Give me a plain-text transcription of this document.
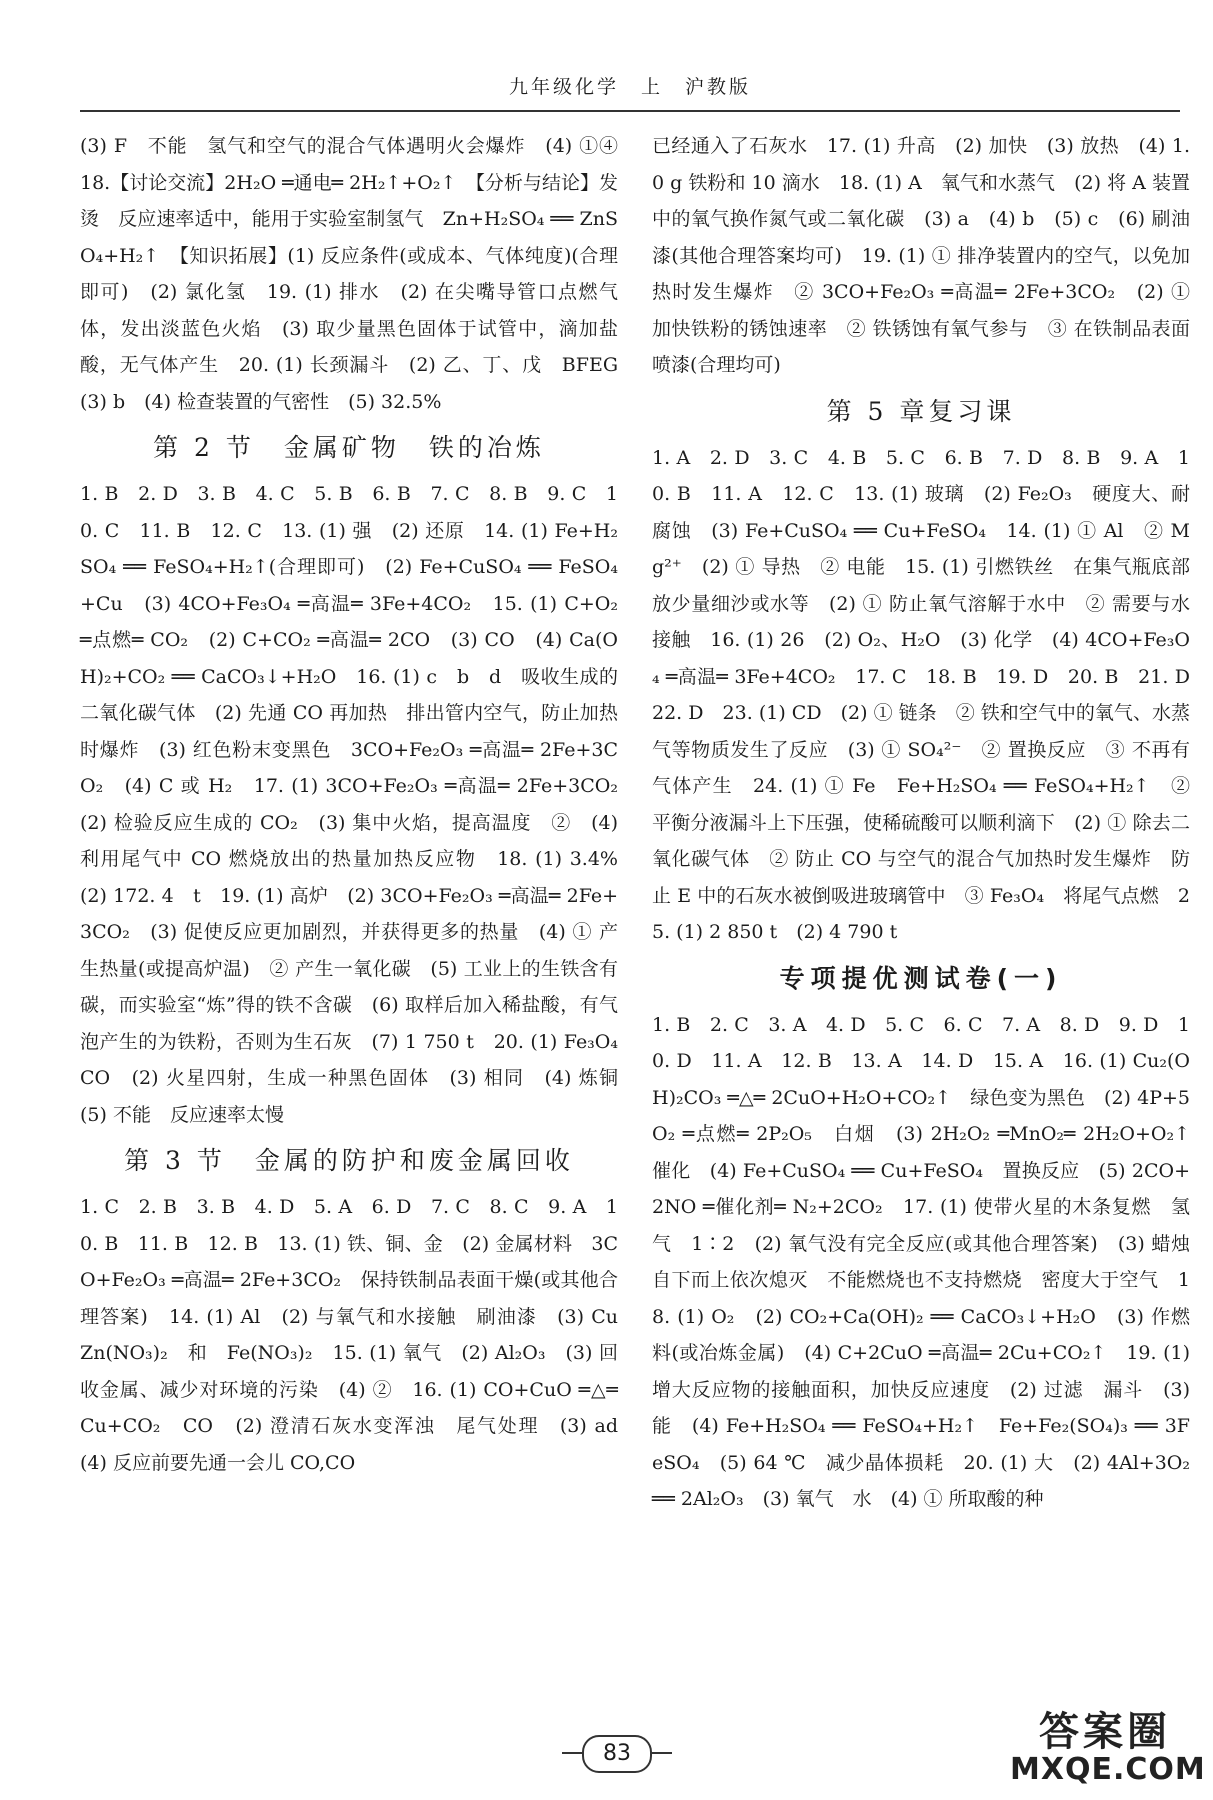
九年级化学　上　沪教版

(3) F　不能　氢气和空气的混合气体遇明火会爆炸　(4) ①④　18.【讨论交流】2H₂O ═通电═ 2H₂↑+O₂↑　【分析与结论】发烫　反应速率适中，能用于实验室制氢气　Zn+H₂SO₄ ══ ZnSO₄+H₂↑　【知识拓展】(1) 反应条件(或成本、气体纯度)(合理即可)　(2) 氯化氢　19. (1) 排水　(2) 在尖嘴导管口点燃气体，发出淡蓝色火焰　(3) 取少量黑色固体于试管中，滴加盐酸，无气体产生　20. (1) 长颈漏斗　(2) 乙、丁、戊　BFEG　(3) b　(4) 检查装置的气密性　(5) 32.5%

第 2 节　金属矿物　铁的冶炼

1. B　2. D　3. B　4. C　5. B　6. B　7. C　8. B　9. C　10. C　11. B　12. C　13. (1) 强　(2) 还原　14. (1) Fe+H₂SO₄ ══ FeSO₄+H₂↑(合理即可)　(2) Fe+CuSO₄ ══ FeSO₄+Cu　(3) 4CO+Fe₃O₄ ═高温═ 3Fe+4CO₂　15. (1) C+O₂ ═点燃═ CO₂　(2) C+CO₂ ═高温═ 2CO　(3) CO　(4) Ca(OH)₂+CO₂ ══ CaCO₃↓+H₂O　16. (1) c　b　d　吸收生成的二氧化碳气体　(2) 先通 CO 再加热　排出管内空气，防止加热时爆炸　(3) 红色粉末变黑色　3CO+Fe₂O₃ ═高温═ 2Fe+3CO₂　(4) C 或 H₂　17. (1) 3CO+Fe₂O₃ ═高温═ 2Fe+3CO₂　(2) 检验反应生成的 CO₂　(3) 集中火焰，提高温度　②　(4) 利用尾气中 CO 燃烧放出的热量加热反应物　18. (1) 3.4%　(2) 172. 4　t　19. (1) 高炉　(2) 3CO+Fe₂O₃ ═高温═ 2Fe+3CO₂　(3) 促使反应更加剧烈，并获得更多的热量　(4) ① 产生热量(或提高炉温)　② 产生一氧化碳　(5) 工业上的生铁含有碳，而实验室“炼”得的铁不含碳　(6) 取样后加入稀盐酸，有气泡产生的为铁粉，否则为生石灰　(7) 1 750 t　20. (1) Fe₃O₄　CO　(2) 火星四射，生成一种黑色固体　(3) 相同　(4) 炼铜　(5) 不能　反应速率太慢

第 3 节　金属的防护和废金属回收

1. C　2. B　3. B　4. D　5. A　6. D　7. C　8. C　9. A　10. B　11. B　12. B　13. (1) 铁、铜、金　(2) 金属材料　3CO+Fe₂O₃ ═高温═ 2Fe+3CO₂　保持铁制品表面干燥(或其他合理答案)　14. (1) Al　(2) 与氧气和水接触　刷油漆　(3) Cu　Zn(NO₃)₂　和　Fe(NO₃)₂　15. (1) 氧气　(2) Al₂O₃　(3) 回收金属、减少对环境的污染　(4) ②　16. (1) CO+CuO ═△═ Cu+CO₂　CO　(2) 澄清石灰水变浑浊　尾气处理　(3) ad　(4) 反应前要先通一会儿 CO,CO

已经通入了石灰水　17. (1) 升高　(2) 加快　(3) 放热　(4) 1.0 g 铁粉和 10 滴水　18. (1) A　氧气和水蒸气　(2) 将 A 装置中的氧气换作氮气或二氧化碳　(3) a　(4) b　(5) c　(6) 刷油漆(其他合理答案均可)　19. (1) ① 排净装置内的空气，以免加热时发生爆炸　② 3CO+Fe₂O₃ ═高温═ 2Fe+3CO₂　(2) ① 加快铁粉的锈蚀速率　② 铁锈蚀有氧气参与　③ 在铁制品表面喷漆(合理均可)

第 5 章复习课

1. A　2. D　3. C　4. B　5. C　6. B　7. D　8. B　9. A　10. B　11. A　12. C　13. (1) 玻璃　(2) Fe₂O₃　硬度大、耐腐蚀　(3) Fe+CuSO₄ ══ Cu+FeSO₄　14. (1) ① Al　② Mg²⁺　(2) ① 导热　② 电能　15. (1) 引燃铁丝　在集气瓶底部放少量细沙或水等　(2) ① 防止氧气溶解于水中　② 需要与水接触　16. (1) 26　(2) O₂、H₂O　(3) 化学　(4) 4CO+Fe₃O₄ ═高温═ 3Fe+4CO₂　17. C　18. B　19. D　20. B　21. D　22. D　23. (1) CD　(2) ① 链条　② 铁和空气中的氧气、水蒸气等物质发生了反应　(3) ① SO₄²⁻　② 置换反应　③ 不再有气体产生　24. (1) ① Fe　Fe+H₂SO₄ ══ FeSO₄+H₂↑　② 平衡分液漏斗上下压强，使稀硫酸可以顺利滴下　(2) ① 除去二氧化碳气体　② 防止 CO 与空气的混合气加热时发生爆炸　防止 E 中的石灰水被倒吸进玻璃管中　③ Fe₃O₄　将尾气点燃　25. (1) 2 850 t　(2) 4 790 t

专项提优测试卷(一)

1. B　2. C　3. A　4. D　5. C　6. C　7. A　8. D　9. D　10. D　11. A　12. B　13. A　14. D　15. A　16. (1) Cu₂(OH)₂CO₃ ═△═ 2CuO+H₂O+CO₂↑　绿色变为黑色　(2) 4P+5O₂ ═点燃═ 2P₂O₅　白烟　(3) 2H₂O₂ ═MnO₂═ 2H₂O+O₂↑　催化　(4) Fe+CuSO₄ ══ Cu+FeSO₄　置换反应　(5) 2CO+2NO ═催化剂═ N₂+2CO₂　17. (1) 使带火星的木条复燃　氢气　1∶2　(2) 氧气没有完全反应(或其他合理答案)　(3) 蜡烛自下而上依次熄灭　不能燃烧也不支持燃烧　密度大于空气　18. (1) O₂　(2) CO₂+Ca(OH)₂ ══ CaCO₃↓+H₂O　(3) 作燃料(或冶炼金属)　(4) C+2CuO ═高温═ 2Cu+CO₂↑　19. (1) 增大反应物的接触面积，加快反应速度　(2) 过滤　漏斗　(3) 能　(4) Fe+H₂SO₄ ══ FeSO₄+H₂↑　Fe+Fe₂(SO₄)₃ ══ 3FeSO₄　(5) 64 ℃　减少晶体损耗　20. (1) 大　(2) 4Al+3O₂ ══ 2Al₂O₃　(3) 氧气　水　(4) ① 所取酸的种

83	答案圈
MXQE.COM
